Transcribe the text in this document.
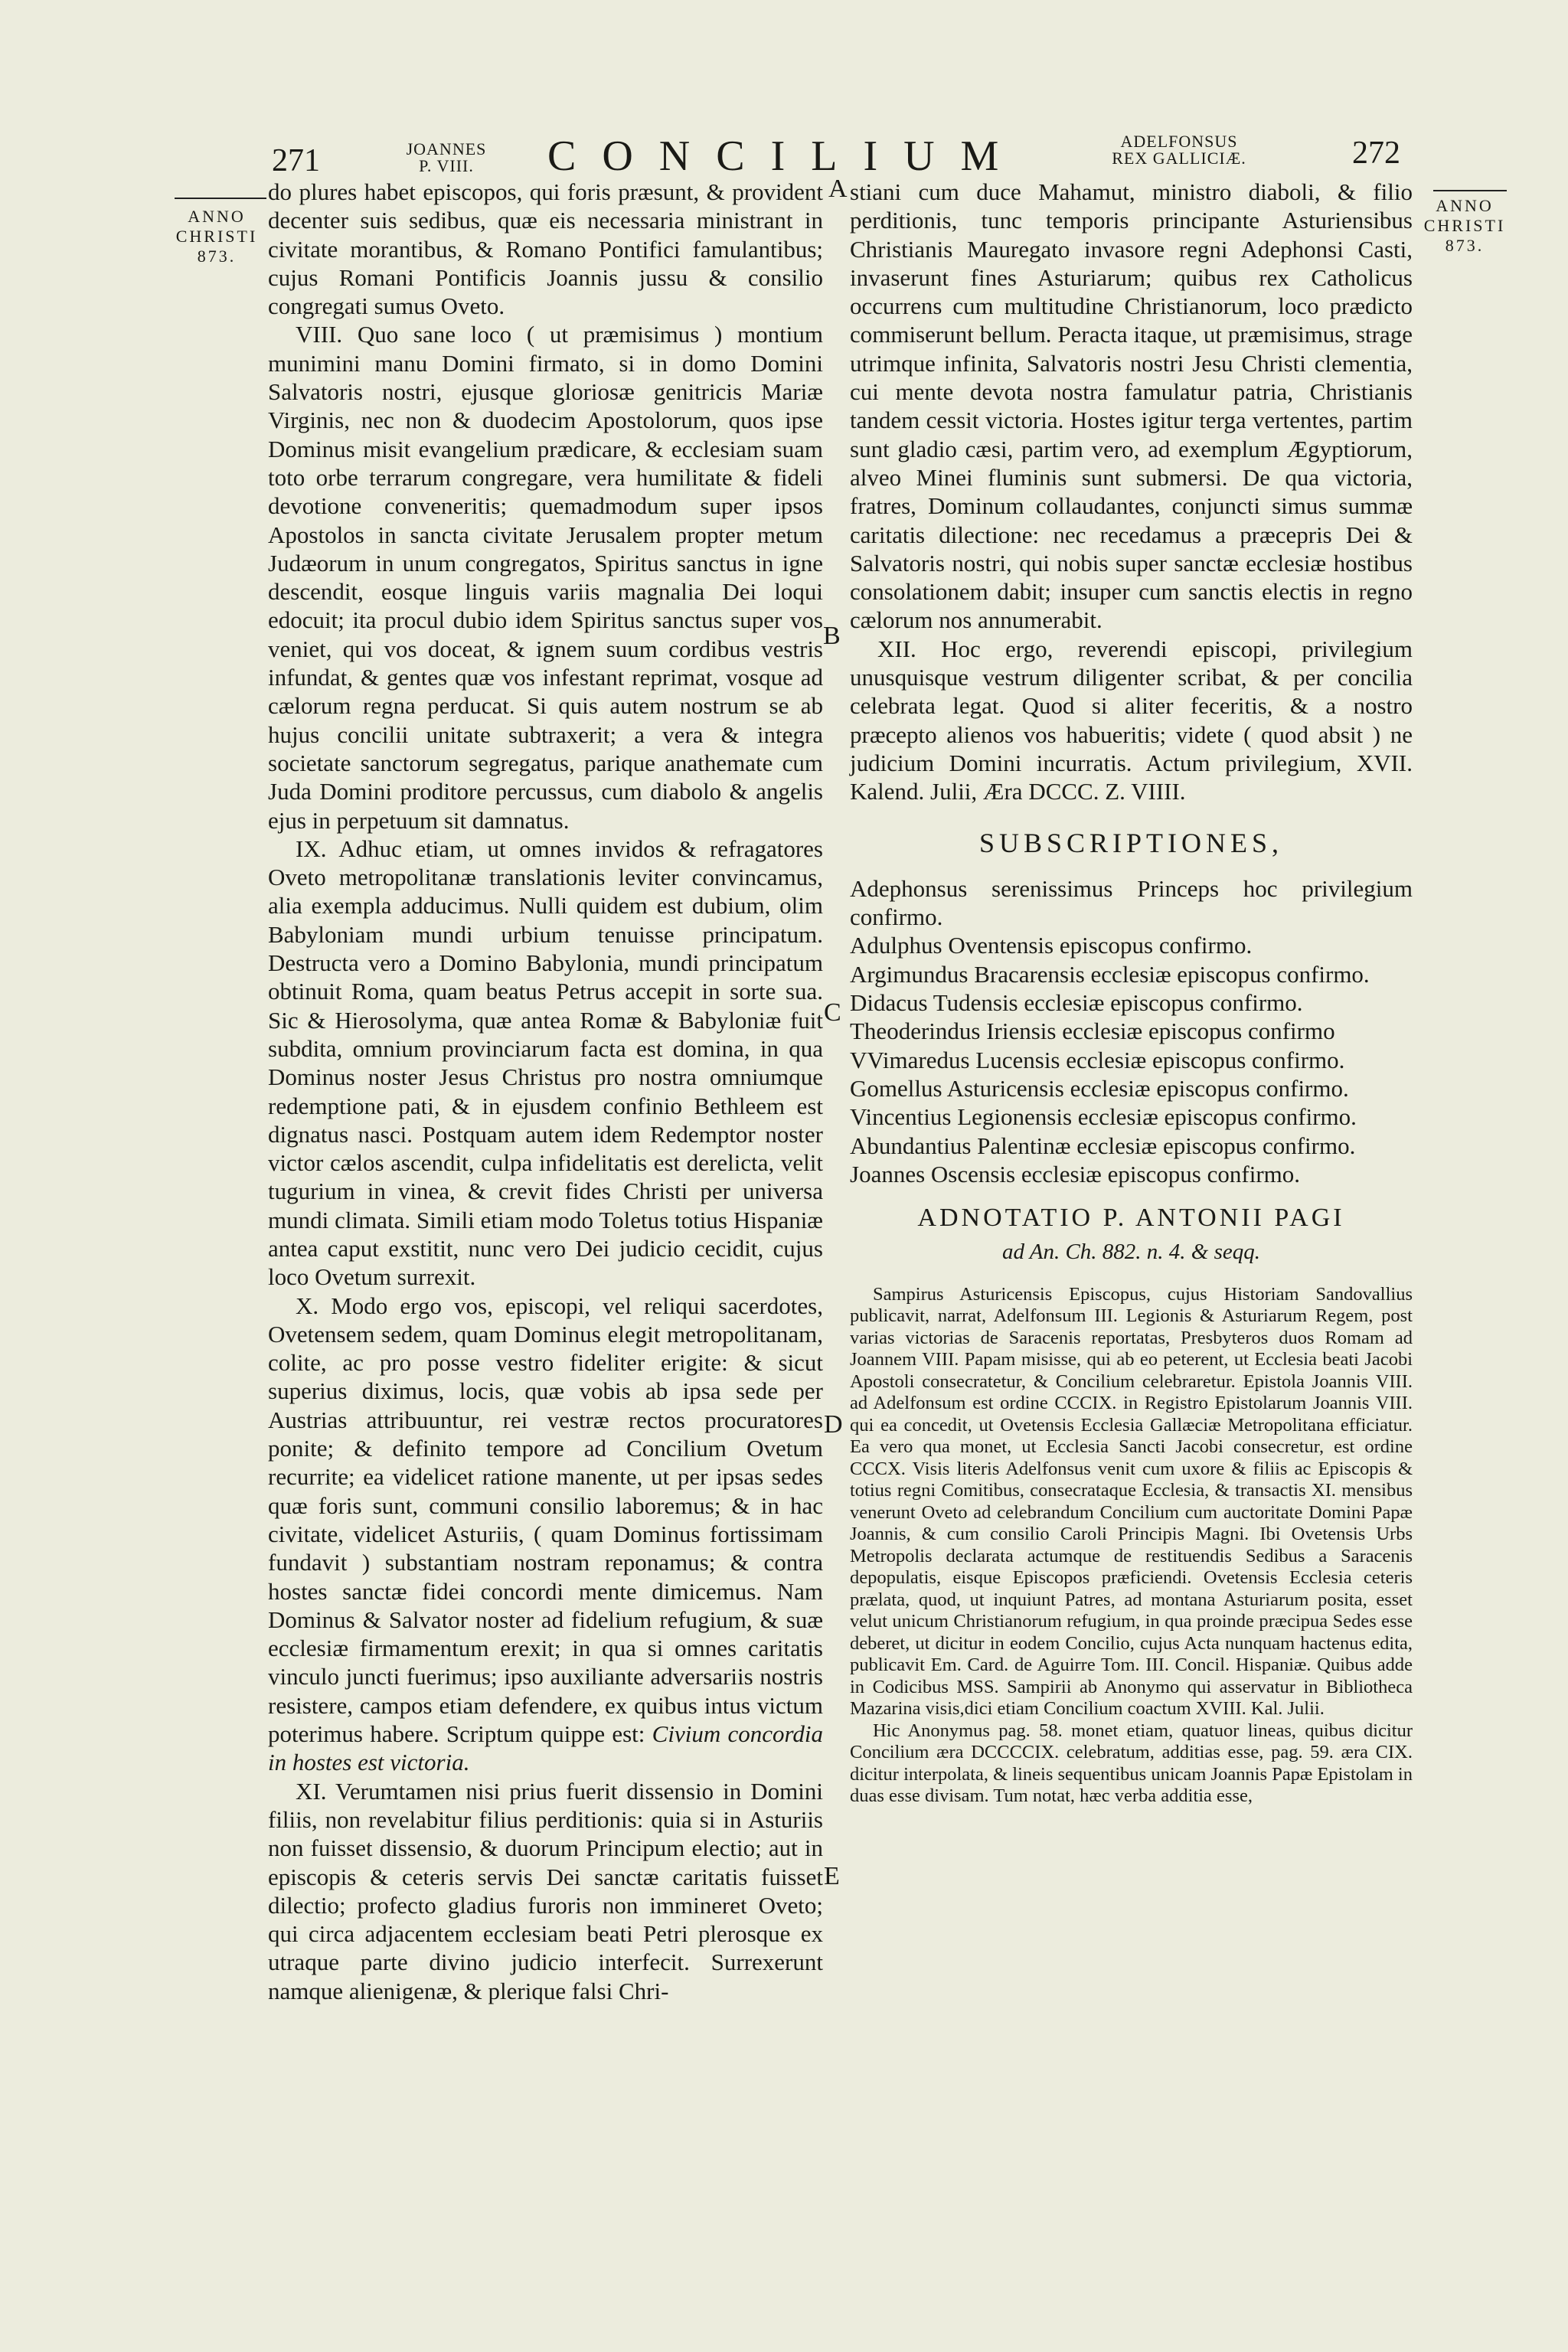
271	JOANNES
P. VIII.	CONCILIUM	ADELFONSUS
REX GALLICIÆ.	272
ANNO
CHRISTI
873.
ANNO
CHRISTI
873.
A
B
C
D
E

do plures habet episcopos, qui foris præsunt, & provident decenter suis sedibus, quæ eis necessaria ministrant in civitate morantibus, & Romano Pontifici famulantibus; cujus Romani Pontificis Joannis jussu & consilio congregati sumus Oveto.

VIII. Quo sane loco ( ut præmisimus ) montium munimini manu Domini firmato, si in domo Domini Salvatoris nostri, ejusque gloriosæ genitricis Mariæ Virginis, nec non & duodecim Apostolorum, quos ipse Dominus misit evangelium prædicare, & ecclesiam suam toto orbe terrarum congregare, vera humilitate & fideli devotione conveneritis; quemadmodum super ipsos Apostolos in sancta civitate Jerusalem propter metum Judæorum in unum congregatos, Spiritus sanctus in igne descendit, eosque linguis variis magnalia Dei loqui edocuit; ita procul dubio idem Spiritus sanctus super vos veniet, qui vos doceat, & ignem suum cordibus vestris infundat, & gentes quæ vos infestant reprimat, vosque ad cælorum regna perducat. Si quis autem nostrum se ab hujus concilii unitate subtraxerit; a vera & integra societate sanctorum segregatus, parique anathemate cum Juda Domini proditore percussus, cum diabolo & angelis ejus in perpetuum sit damnatus.

IX. Adhuc etiam, ut omnes invidos & refragatores Oveto metropolitanæ translationis leviter convincamus, alia exempla adducimus. Nulli quidem est dubium, olim Babyloniam mundi urbium tenuisse principatum. Destructa vero a Domino Babylonia, mundi principatum obtinuit Roma, quam beatus Petrus accepit in sorte sua. Sic & Hierosolyma, quæ antea Romæ & Babyloniæ fuit subdita, omnium provinciarum facta est domina, in qua Dominus noster Jesus Christus pro nostra omniumque redemptione pati, & in ejusdem confinio Bethleem est dignatus nasci. Postquam autem idem Redemptor noster victor cælos ascendit, culpa infidelitatis est derelicta, velit tugurium in vinea, & crevit fides Christi per universa mundi climata. Simili etiam modo Toletus totius Hispaniæ antea caput exstitit, nunc vero Dei judicio cecidit, cujus loco Ovetum surrexit.

X. Modo ergo vos, episcopi, vel reliqui sacerdotes, Ovetensem sedem, quam Dominus elegit metropolitanam, colite, ac pro posse vestro fideliter erigite: & sicut superius diximus, locis, quæ vobis ab ipsa sede per Austrias attribuuntur, rei vestræ rectos procuratores ponite; & definito tempore ad Concilium Ovetum recurrite; ea videlicet ratione manente, ut per ipsas sedes quæ foris sunt, communi consilio laboremus; & in hac civitate, videlicet Asturiis, ( quam Dominus fortissimam fundavit ) substantiam nostram reponamus; & contra hostes sanctæ fidei concordi mente dimicemus. Nam Dominus & Salvator noster ad fidelium refugium, & suæ ecclesiæ firmamentum erexit; in qua si omnes caritatis vinculo juncti fuerimus; ipso auxiliante adversariis nostris resistere, campos etiam defendere, ex quibus intus victum poterimus habere. Scriptum quippe est: Civium concordia in hostes est victoria.

XI. Verumtamen nisi prius fuerit dissensio in Domini filiis, non revelabitur filius perditionis: quia si in Asturiis non fuisset dissensio, & duorum Principum electio; aut in episcopis & ceteris servis Dei sanctæ caritatis fuisset dilectio; profecto gladius furoris non immineret Oveto; qui circa adjacentem ecclesiam beati Petri plerosque ex utraque parte divino judicio interfecit. Surrexerunt namque alienigenæ, & plerique falsi Chri-

stiani cum duce Mahamut, ministro diaboli, & filio perditionis, tunc temporis principante Asturiensibus Christianis Mauregato invasore regni Adephonsi Casti, invaserunt fines Asturiarum; quibus rex Catholicus occurrens cum multitudine Christianorum, loco prædicto commiserunt bellum. Peracta itaque, ut præmisimus, strage utrimque infinita, Salvatoris nostri Jesu Christi clementia, cui mente devota nostra famulatur patria, Christianis tandem cessit victoria. Hostes igitur terga vertentes, partim sunt gladio cæsi, partim vero, ad exemplum Ægyptiorum, alveo Minei fluminis sunt submersi. De qua victoria, fratres, Dominum collaudantes, conjuncti simus summæ caritatis dilectione: nec recedamus a præcepris Dei & Salvatoris nostri, qui nobis super sanctæ ecclesiæ hostibus consolationem dabit; insuper cum sanctis electis in regno cælorum nos annumerabit.

XII. Hoc ergo, reverendi episcopi, privilegium unusquisque vestrum diligenter scribat, & per concilia celebrata legat. Quod si aliter feceritis, & a nostro præcepto alienos vos habueritis; videte ( quod absit ) ne judicium Domini incurratis. Actum privilegium, XVII. Kalend. Julii, Æra DCCC. Z. VIIII.

SUBSCRIPTIONES,

Adephonsus serenissimus Princeps hoc privilegium confirmo.

Adulphus Oventensis episcopus confirmo.

Argimundus Bracarensis ecclesiæ episcopus confirmo.

Didacus Tudensis ecclesiæ episcopus confirmo.

Theoderindus Iriensis ecclesiæ episcopus confirmo

VVimaredus Lucensis ecclesiæ episcopus confirmo.

Gomellus Asturicensis ecclesiæ episcopus confirmo.

Vincentius Legionensis ecclesiæ episcopus confirmo.

Abundantius Palentinæ ecclesiæ episcopus confirmo.

Joannes Oscensis ecclesiæ episcopus confirmo.

ADNOTATIO P. ANTONII PAGI
ad An. Ch. 882. n. 4. & seqq.

Sampirus Asturicensis Episcopus, cujus Historiam Sandovallius publicavit, narrat, Adelfonsum III. Legionis & Asturiarum Regem, post varias victorias de Saracenis reportatas, Presbyteros duos Romam ad Joannem VIII. Papam misisse, qui ab eo peterent, ut Ecclesia beati Jacobi Apostoli consecratetur, & Concilium celebraretur. Epistola Joannis VIII. ad Adelfonsum est ordine CCCIX. in Registro Epistolarum Joannis VIII. qui ea concedit, ut Ovetensis Ecclesia Gallæciæ Metropolitana efficiatur. Ea vero qua monet, ut Ecclesia Sancti Jacobi consecretur, est ordine CCCX. Visis literis Adelfonsus venit cum uxore & filiis ac Episcopis & totius regni Comitibus, consecrataque Ecclesia, & transactis XI. mensibus venerunt Oveto ad celebrandum Concilium cum auctoritate Domini Papæ Joannis, & cum consilio Caroli Principis Magni. Ibi Ovetensis Urbs Metropolis declarata actumque de restituendis Sedibus a Saracenis depopulatis, eisque Episcopos præficiendi. Ovetensis Ecclesia ceteris prælata, quod, ut inquiunt Patres, ad montana Asturiarum posita, esset velut unicum Christianorum refugium, in qua proinde præcipua Sedes esse deberet, ut dicitur in eodem Concilio, cujus Acta nunquam hactenus edita, publicavit Em. Card. de Aguirre Tom. III. Concil. Hispaniæ. Quibus adde in Codicibus MSS. Sampirii ab Anonymo qui asservatur in Bibliotheca Mazarina visis,dici etiam Concilium coactum XVIII. Kal. Julii.

Hic Anonymus pag. 58. monet etiam, quatuor lineas, quibus dicitur Concilium æra DCCCCIX. celebratum, additias esse, pag. 59. æra CIX. dicitur interpolata, & lineis sequentibus unicam Joannis Papæ Epistolam in duas esse divisam. Tum notat, hæc verba additia esse,
